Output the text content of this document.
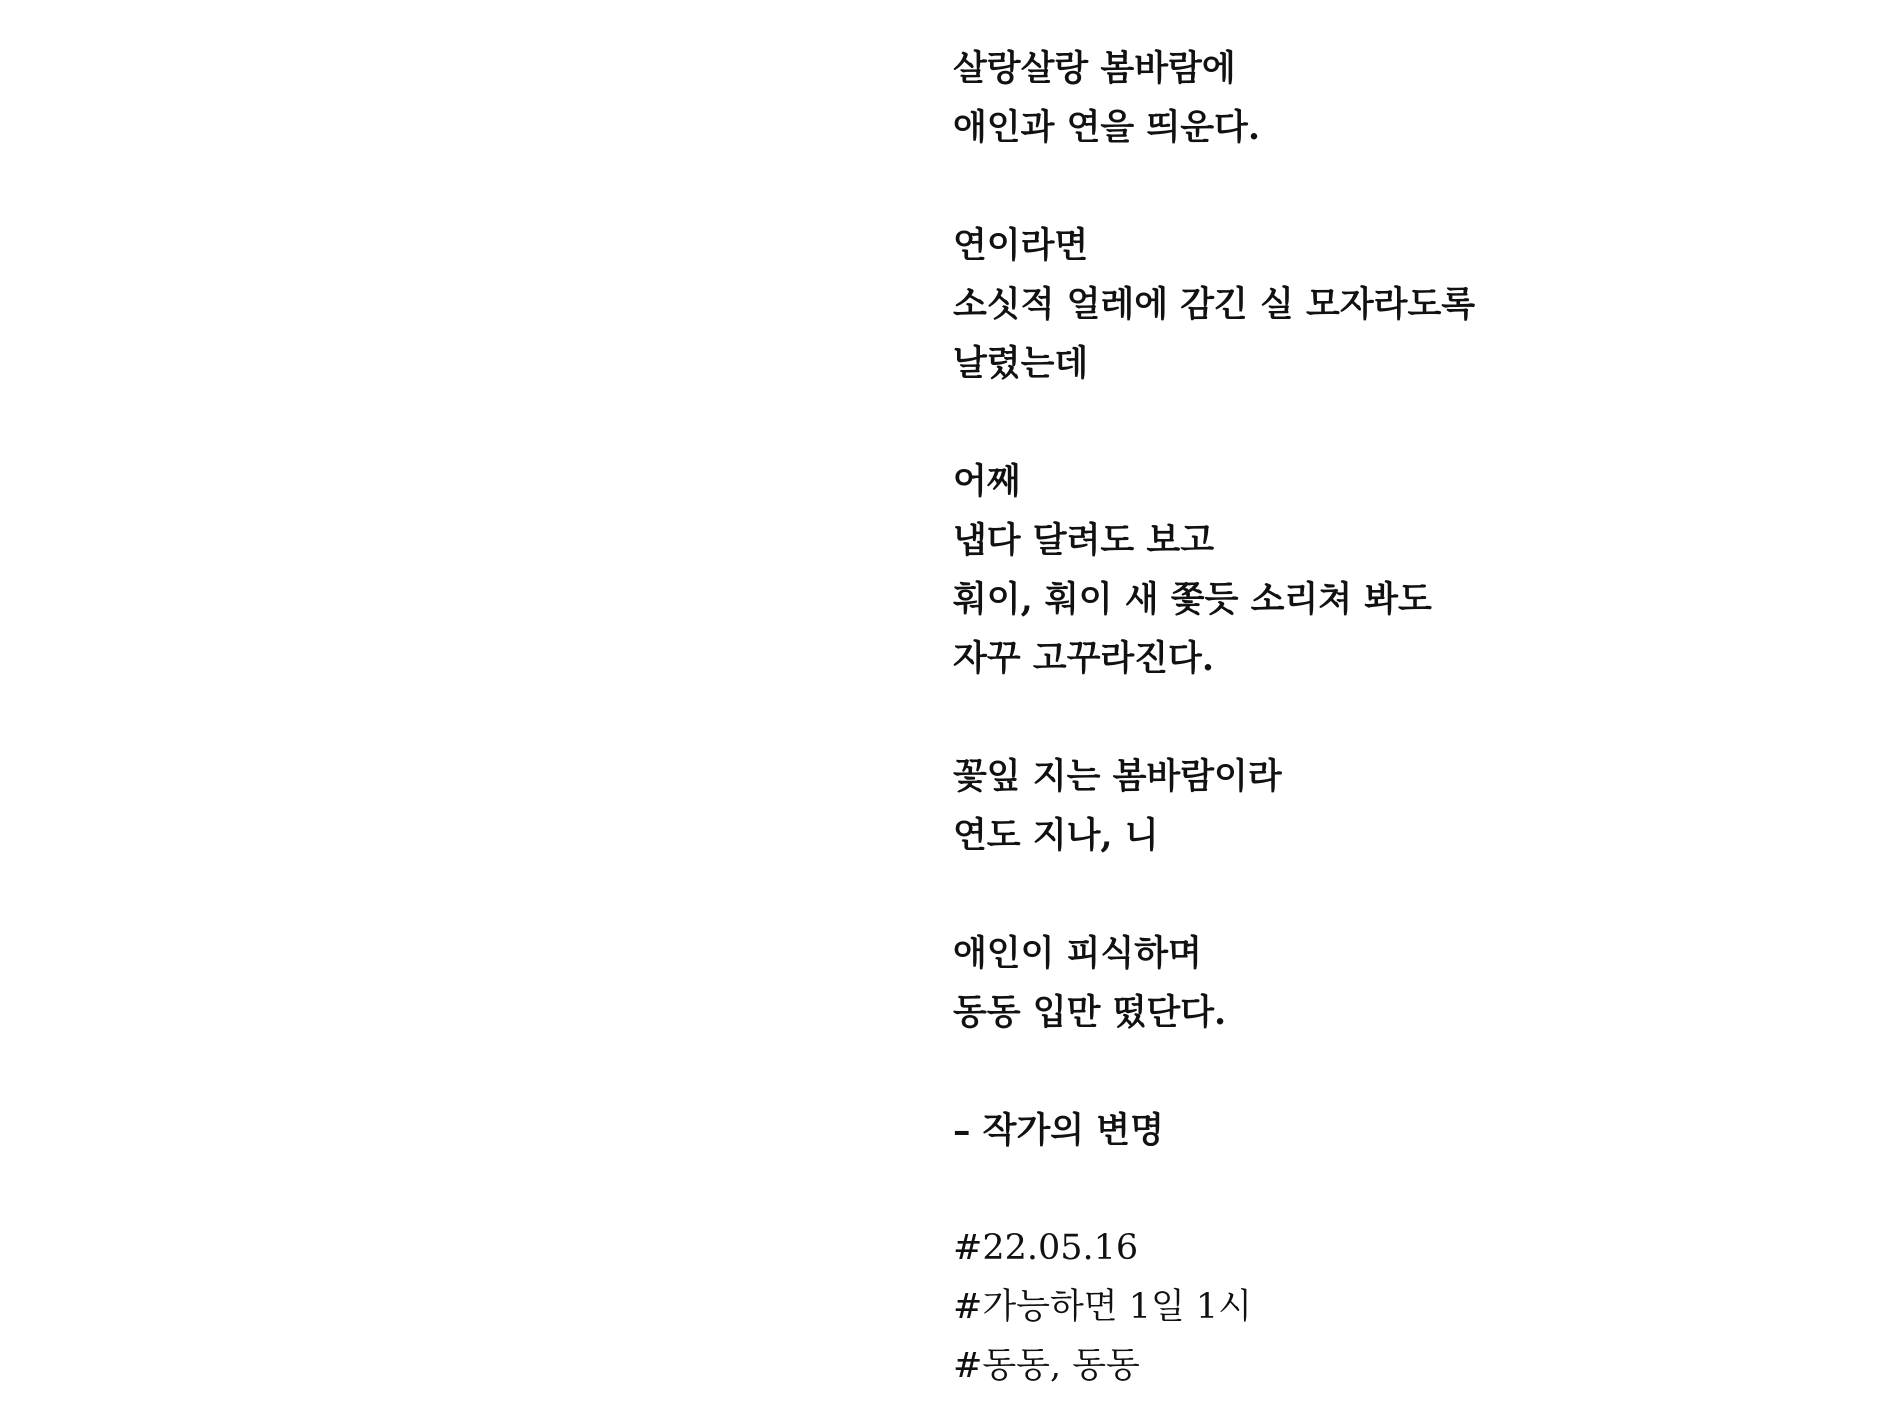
살랑살랑 봄바람에
애인과 연을 띄운다.
연이라면
소싯적 얼레에 감긴 실 모자라도록
날렸는데
어째
냅다 달려도 보고
훠이, 훠이 새 쫓듯 소리쳐 봐도
자꾸 고꾸라진다.
꽃잎 지는 봄바람이라
연도 지나, 니
애인이 피식하며
동동 입만 떴단다.
– 작가의 변명
#22.05.16
#가능하면 1일 1시
#동동, 동동
